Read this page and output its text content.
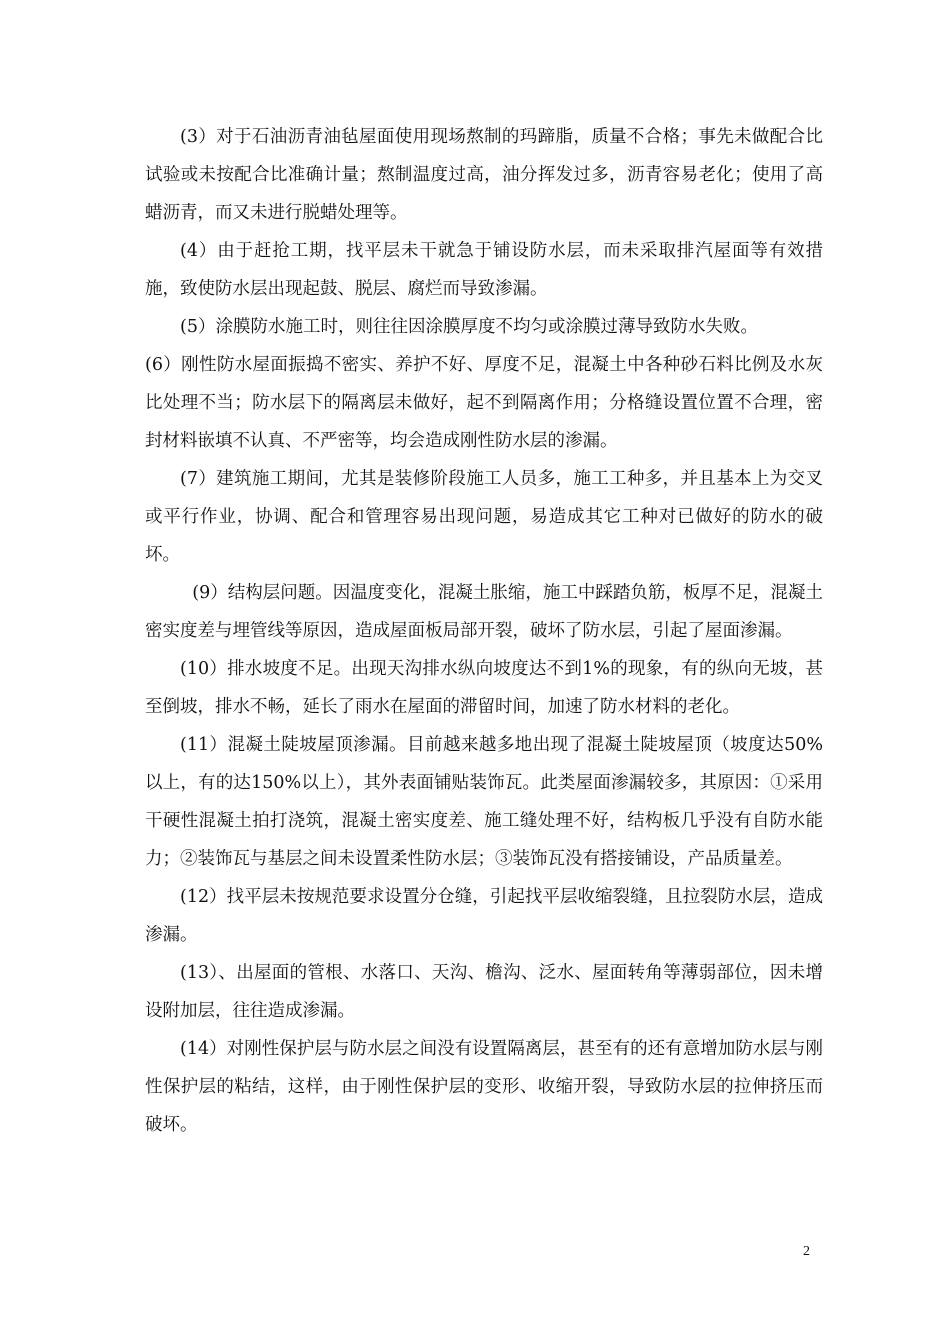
(3）对于石油沥青油毡屋面使用现场熬制的玛蹄脂，质量不合格；事先未做配合比试验或未按配合比准确计量；熬制温度过高，油分挥发过多，沥青容易老化；使用了高蜡沥青，而又未进行脱蜡处理等。

(4）由于赶抢工期，找平层未干就急于铺设防水层，而未采取排汽屋面等有效措施，致使防水层出现起鼓、脱层、腐烂而导致渗漏。

(5）涂膜防水施工时，则往往因涂膜厚度不均匀或涂膜过薄导致防水失败。

(6）刚性防水屋面振捣不密实、养护不好、厚度不足，混凝土中各种砂石料比例及水灰比处理不当；防水层下的隔离层未做好，起不到隔离作用；分格缝设置位置不合理，密封材料嵌填不认真、不严密等，均会造成刚性防水层的渗漏。

(7）建筑施工期间，尤其是装修阶段施工人员多，施工工种多，并且基本上为交叉或平行作业，协调、配合和管理容易出现问题，易造成其它工种对已做好的防水的破坏。

(9）结构层问题。因温度变化，混凝土胀缩，施工中踩踏负筋，板厚不足，混凝土密实度差与埋管线等原因，造成屋面板局部开裂，破坏了防水层，引起了屋面渗漏。

(10）排水坡度不足。出现天沟排水纵向坡度达不到1%的现象，有的纵向无坡，甚至倒坡，排水不畅，延长了雨水在屋面的滞留时间，加速了防水材料的老化。

(11）混凝土陡坡屋顶渗漏。目前越来越多地出现了混凝土陡坡屋顶（坡度达50%以上，有的达150%以上），其外表面铺贴装饰瓦。此类屋面渗漏较多，其原因：①采用干硬性混凝土拍打浇筑，混凝土密实度差、施工缝处理不好，结构板几乎没有自防水能力；②装饰瓦与基层之间未设置柔性防水层；③装饰瓦没有搭接铺设，产品质量差。

(12）找平层未按规范要求设置分仓缝，引起找平层收缩裂缝，且拉裂防水层，造成渗漏。

(13）、出屋面的管根、水落口、天沟、檐沟、泛水、屋面转角等薄弱部位，因未增设附加层，往往造成渗漏。

(14）对刚性保护层与防水层之间没有设置隔离层，甚至有的还有意增加防水层与刚性保护层的粘结，这样，由于刚性保护层的变形、收缩开裂，导致防水层的拉伸挤压而破坏。

2
